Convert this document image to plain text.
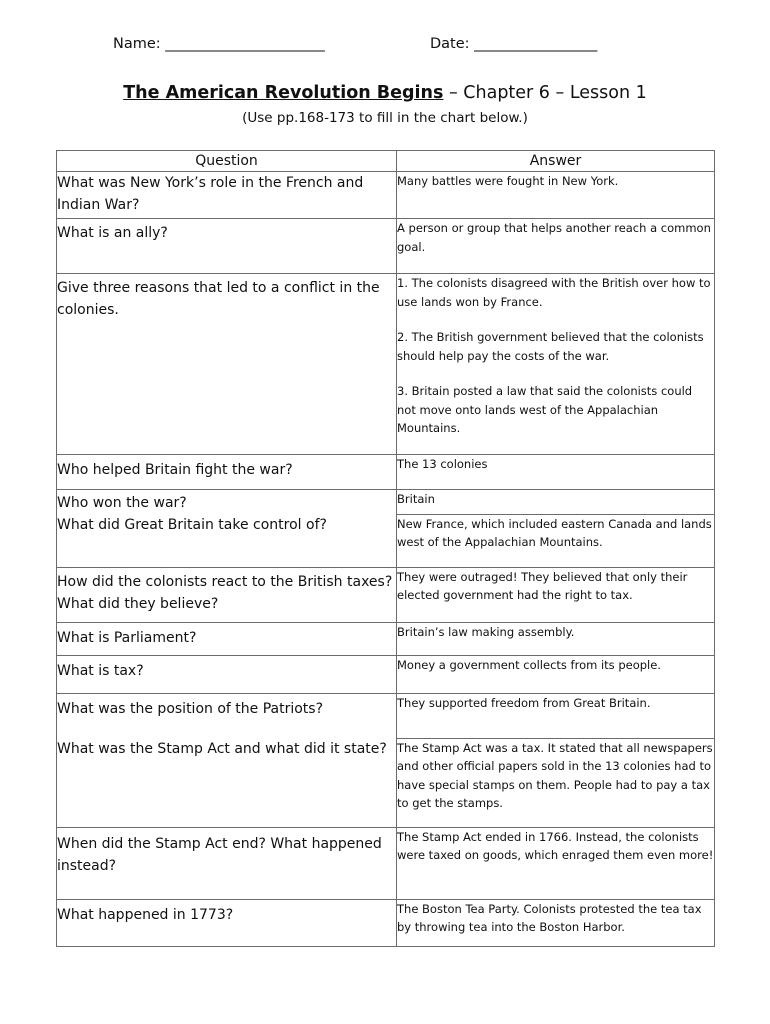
Name: ______________________	Date: _________________
The American Revolution Begins – Chapter 6 – Lesson 1
(Use pp.168-173 to fill in the chart below.)
Question	Answer
What was New York’s role in the French and Indian War?	Many battles were fought in New York.
What is an ally?	A person or group that helps another reach a common goal.
Give three reasons that led to a conflict in the colonies.	1. The colonists disagreed with the British over how to use lands won by France.
2. The British government believed that the colonists should help pay the costs of the war.
3. Britain posted a law that said the colonists could not move onto lands west of the Appalachian Mountains.

Who helped Britain fight the war?	The 13 colonies
Who won the war?	Britain
What did Great Britain take control of?	New France, which included eastern Canada and lands west of the Appalachian Mountains.
How did the colonists react to the British taxes? What did they believe?	They were outraged! They believed that only their elected government had the right to tax.
What is Parliament?	Britain’s law making assembly.
What is tax?	Money a government collects from its people.
What was the position of the Patriots?	They supported freedom from Great Britain.
What was the Stamp Act and what did it state?	The Stamp Act was a tax. It stated that all newspapers and other official papers sold in the 13 colonies had to have special stamps on them. People had to pay a tax to get the stamps.
When did the Stamp Act end? What happened instead?	The Stamp Act ended in 1766. Instead, the colonists were taxed on goods, which enraged them even more!
What happened in 1773?	The Boston Tea Party. Colonists protested the tea tax by throwing tea into the Boston Harbor.
